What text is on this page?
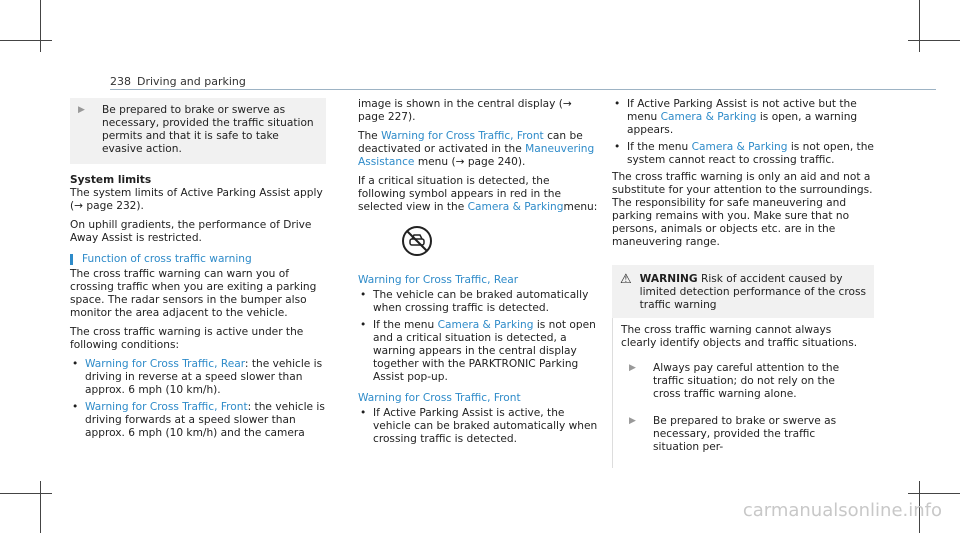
238 Driving and parking
▶	Be prepared to brake or swerve as necessary, provided the traffic situation permits and that it is safe to take evasive action.
System limits

The system limits of Active Parking Assist apply (→ page 232).

On uphill gradients, the performance of Drive Away Assist is restricted.

Function of cross traffic warning

The cross traffic warning can warn you of crossing traffic when you are exiting a parking space. The radar sensors in the bumper also monitor the area adjacent to the vehicle.

The cross traffic warning is active under the following conditions:

• Warning for Cross Traffic, Rear: the vehicle is driving in reverse at a speed slower than approx. 6 mph (10 km/h).
• Warning for Cross Traffic, Front: the vehicle is driving forwards at a speed slower than approx. 6 mph (10 km/h) and the camera

image is shown in the central display (→ page 227).

The Warning for Cross Traffic, Front can be deactivated or activated in the Maneuvering Assistance menu (→ page 240).

If a critical situation is detected, the following symbol appears in red in the selected view in the Camera & Parkingmenu:

Warning for Cross Traffic, Rear
• The vehicle can be braked automatically when crossing traffic is detected.
• If the menu Camera & Parking is not open and a critical situation is detected, a warning appears in the central display together with the PARKTRONIC Parking Assist pop-up.
Warning for Cross Traffic, Front
• If Active Parking Assist is active, the vehicle can be braked automatically when crossing traffic is detected.
• If Active Parking Assist is not active but the menu Camera & Parking is open, a warning appears.
• If the menu Camera & Parking is not open, the system cannot react to crossing traffic.

The cross traffic warning is only an aid and not a substitute for your attention to the surroundings. The responsibility for safe maneuvering and parking remains with you. Make sure that no persons, animals or objects etc. are in the maneuvering range.

⚠ WARNING Risk of accident caused by limited detection performance of the cross traffic warning

The cross traffic warning cannot always clearly identify objects and traffic situations.

▶	Always pay careful attention to the traffic situation; do not rely on the cross traffic warning alone.
▶	Be prepared to brake or swerve as necessary, provided the traffic situation per-
carmanualsonline.info
